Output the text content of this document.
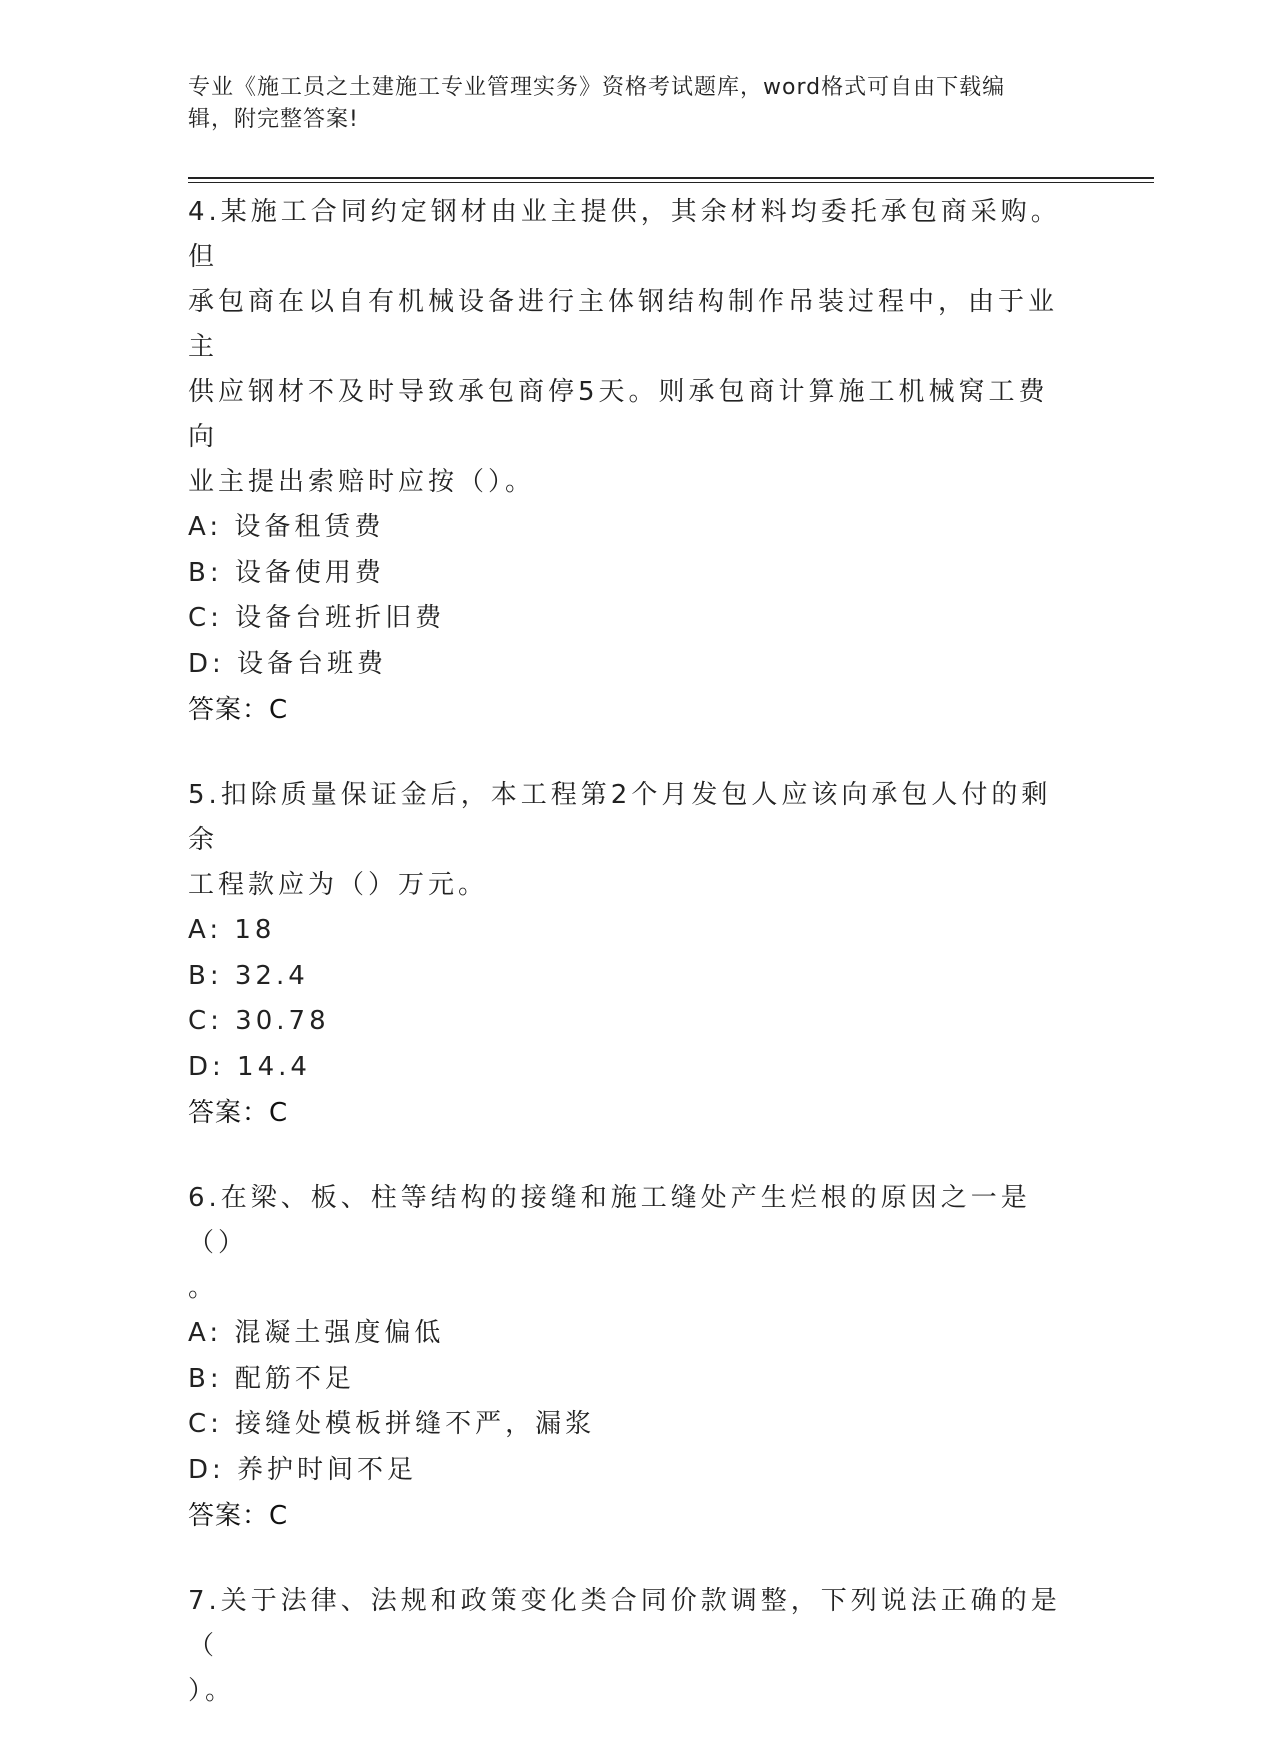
专业《施工员之土建施工专业管理实务》资格考试题库，word格式可自由下载编
辑，附完整答案!
4.某施工合同约定钢材由业主提供，其余材料均委托承包商采购。但
承包商在以自有机械设备进行主体钢结构制作吊装过程中，由于业主
供应钢材不及时导致承包商停5天。则承包商计算施工机械窝工费向
业主提出索赔时应按（）。
A: 设备租赁费
B: 设备使用费
C: 设备台班折旧费
D: 设备台班费
答案：C
5.扣除质量保证金后，本工程第2个月发包人应该向承包人付的剩余
工程款应为（）万元。
A: 18
B: 32.4
C: 30.78
D: 14.4
答案：C
6.在梁、板、柱等结构的接缝和施工缝处产生烂根的原因之一是（）
。
A: 混凝土强度偏低
B: 配筋不足
C: 接缝处模板拼缝不严，漏浆
D: 养护时间不足
答案：C
7.关于法律、法规和政策变化类合同价款调整，下列说法正确的是（
）。
